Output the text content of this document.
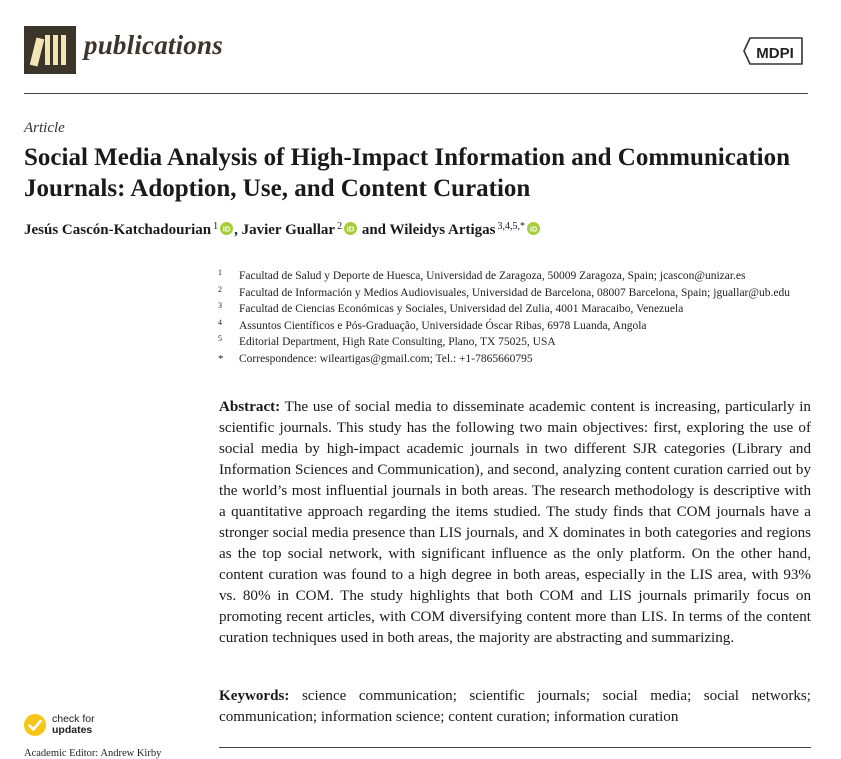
publications	MDPI
Article
Social Media Analysis of High-Impact Information and Communication Journals: Adoption, Use, and Content Curation
Jesús Cascón-Katchadourian $^1$ iD , Javier Guallar $^2$ iD and Wileidys Artigas $^{3,4,5,*}$ iD
1 Facultad de Salud y Deporte de Huesca, Universidad de Zaragoza, 50009 Zaragoza, Spain; jcascon@unizar.es
2 Facultad de Información y Medios Audiovisuales, Universidad de Barcelona, 08007 Barcelona, Spain; jguallar@ub.edu
3 Facultad de Ciencias Económicas y Sociales, Universidad del Zulia, 4001 Maracaibo, Venezuela
4 Assuntos Científicos e Pós-Graduação, Universidade Óscar Ribas, 6978 Luanda, Angola
5 Editorial Department, High Rate Consulting, Plano, TX 75025, USA
* Correspondence: wileartigas@gmail.com; Tel.: +1-7865660795
Abstract: The use of social media to disseminate academic content is increasing, particularly in scientific journals. This study has the following two main objectives: first, exploring the use of social media by high-impact academic journals in two different SJR categories (Library and Information Sciences and Communication), and second, analyzing content curation carried out by the world’s most influential journals in both areas. The research methodology is descriptive with a quantitative approach regarding the items studied. The study finds that COM journals have a stronger social media presence than LIS journals, and X dominates in both categories and regions as the top social network, with significant influence as the only platform. On the other hand, content curation was found to a high degree in both areas, especially in the LIS area, with 93% vs. 80% in COM. The study highlights that both COM and LIS journals primarily focus on promoting recent articles, with COM diversifying content more than LIS. In terms of the content curation techniques used in both areas, the majority are abstracting and summarizing.
Keywords: science communication; scientific journals; social media; social networks; communication; information science; content curation; information curation
check for
updates
Academic Editor: Andrew Kirby
